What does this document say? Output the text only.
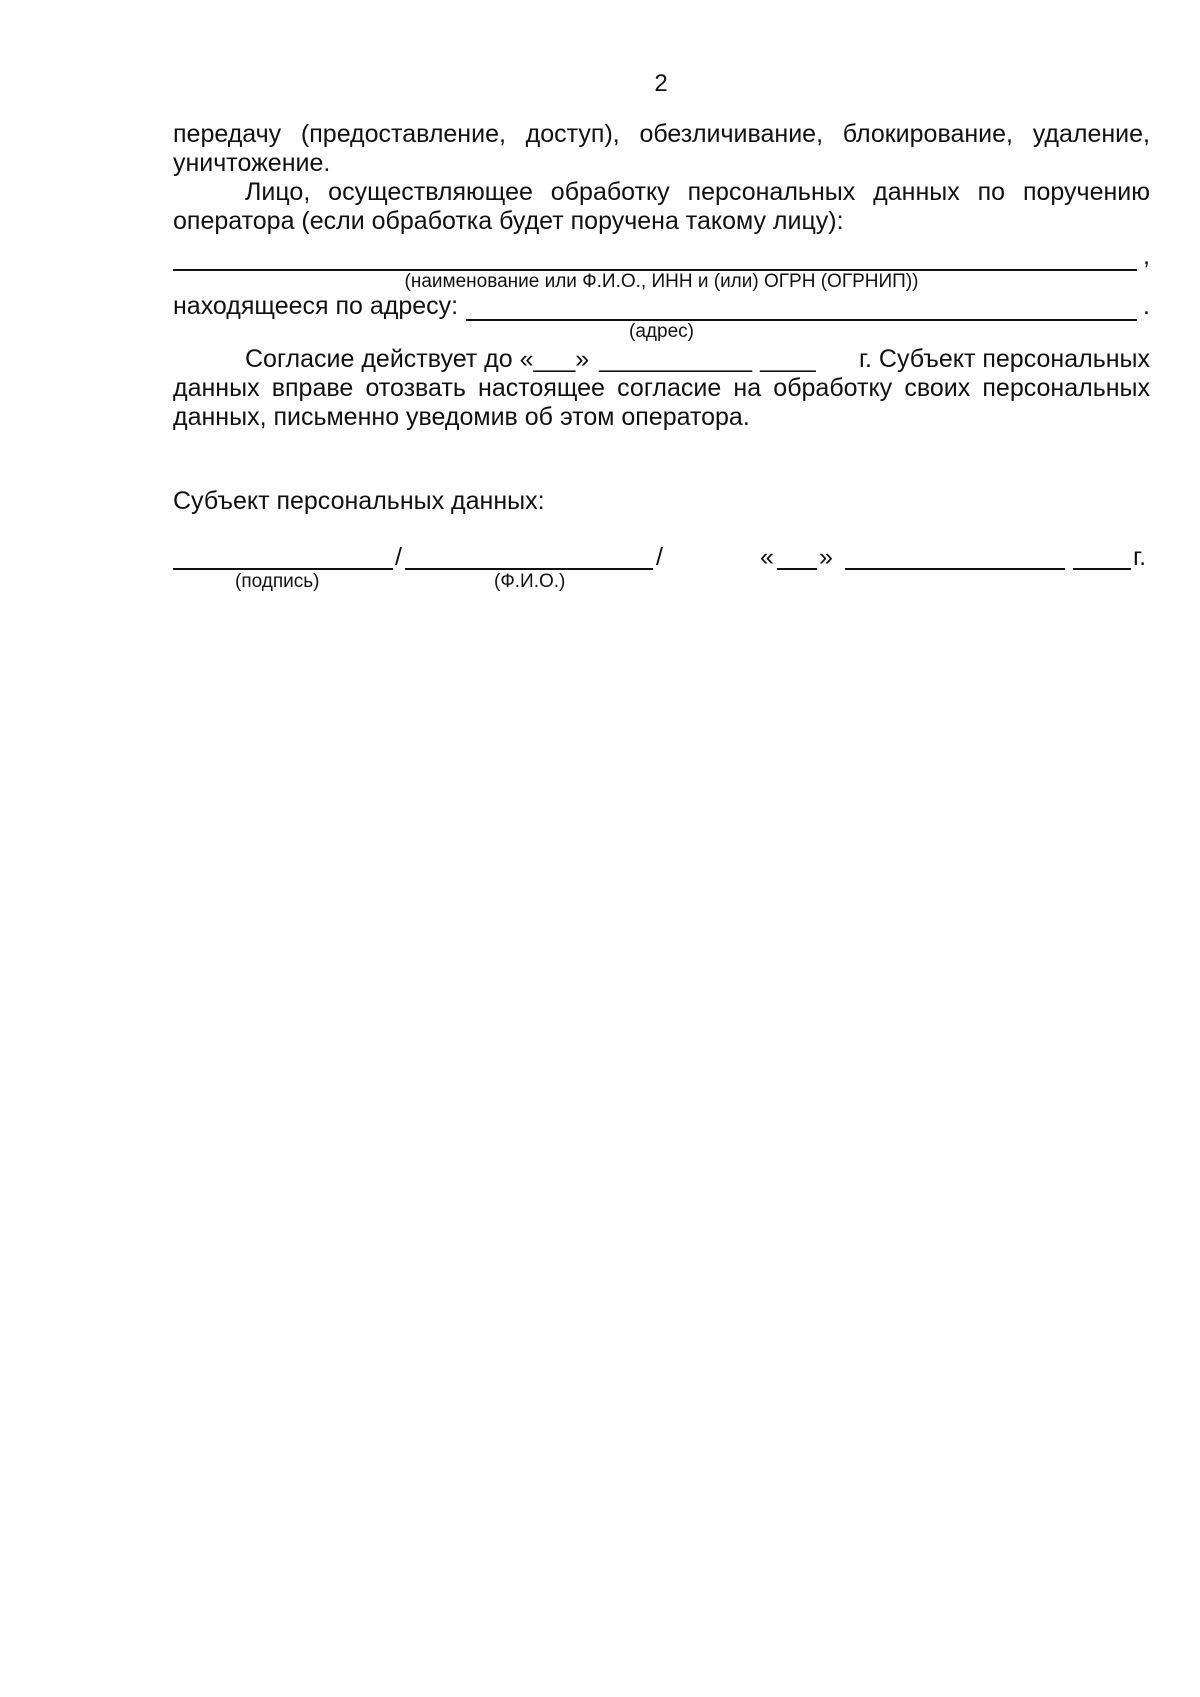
2

передачу (предоставление, доступ), обезличивание, блокирование, удаление, уничтожение.

Лицо, осуществляющее обработку персональных данных по поручению оператора (если обработка будет поручена такому лицу):

,
(наименование или Ф.И.О., ИНН и (или) ОГРН (ОГРНИП))
находящееся по адресу:	.
(адрес)
Согласие действует до « ___ » ___________ ____ г. Субъект персональных

данных вправе отозвать настоящее согласие на обработку своих персональных данных, письменно уведомив об этом оператора.

Субъект персональных данных:

/	/	« »	г.
(подпись)	(Ф.И.О.)
